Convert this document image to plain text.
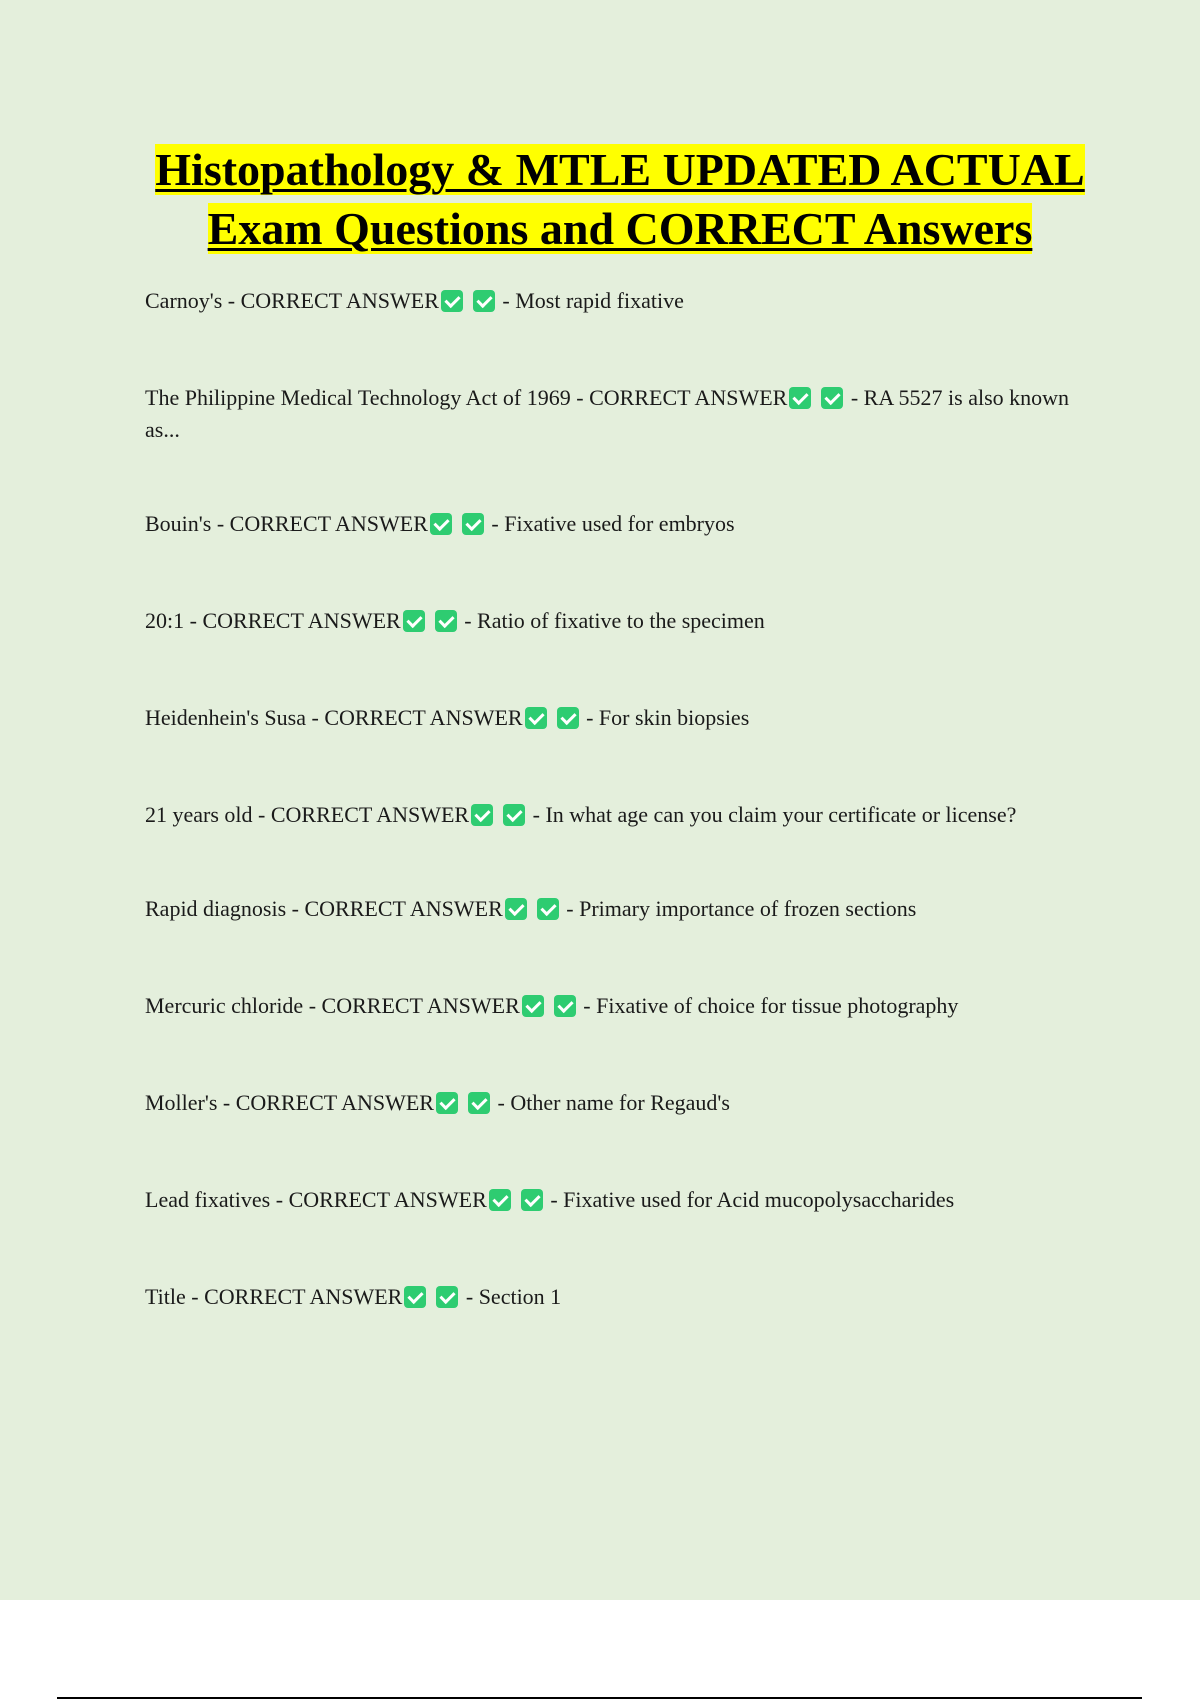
Histopathology & MTLE UPDATED ACTUAL Exam Questions and CORRECT Answers
Carnoy's - CORRECT ANSWER	- Most rapid fixative
The Philippine Medical Technology Act of 1969 - CORRECT ANSWER	- RA 5527 is also known as...
Bouin's - CORRECT ANSWER	- Fixative used for embryos
20:1 - CORRECT ANSWER	- Ratio of fixative to the specimen
Heidenhein's Susa - CORRECT ANSWER	- For skin biopsies
21 years old - CORRECT ANSWER	- In what age can you claim your certificate or license?
Rapid diagnosis - CORRECT ANSWER	- Primary importance of frozen sections
Mercuric chloride - CORRECT ANSWER	- Fixative of choice for tissue photography
Moller's - CORRECT ANSWER	- Other name for Regaud's
Lead fixatives - CORRECT ANSWER	- Fixative used for Acid mucopolysaccharides
Title - CORRECT ANSWER	- Section 1
